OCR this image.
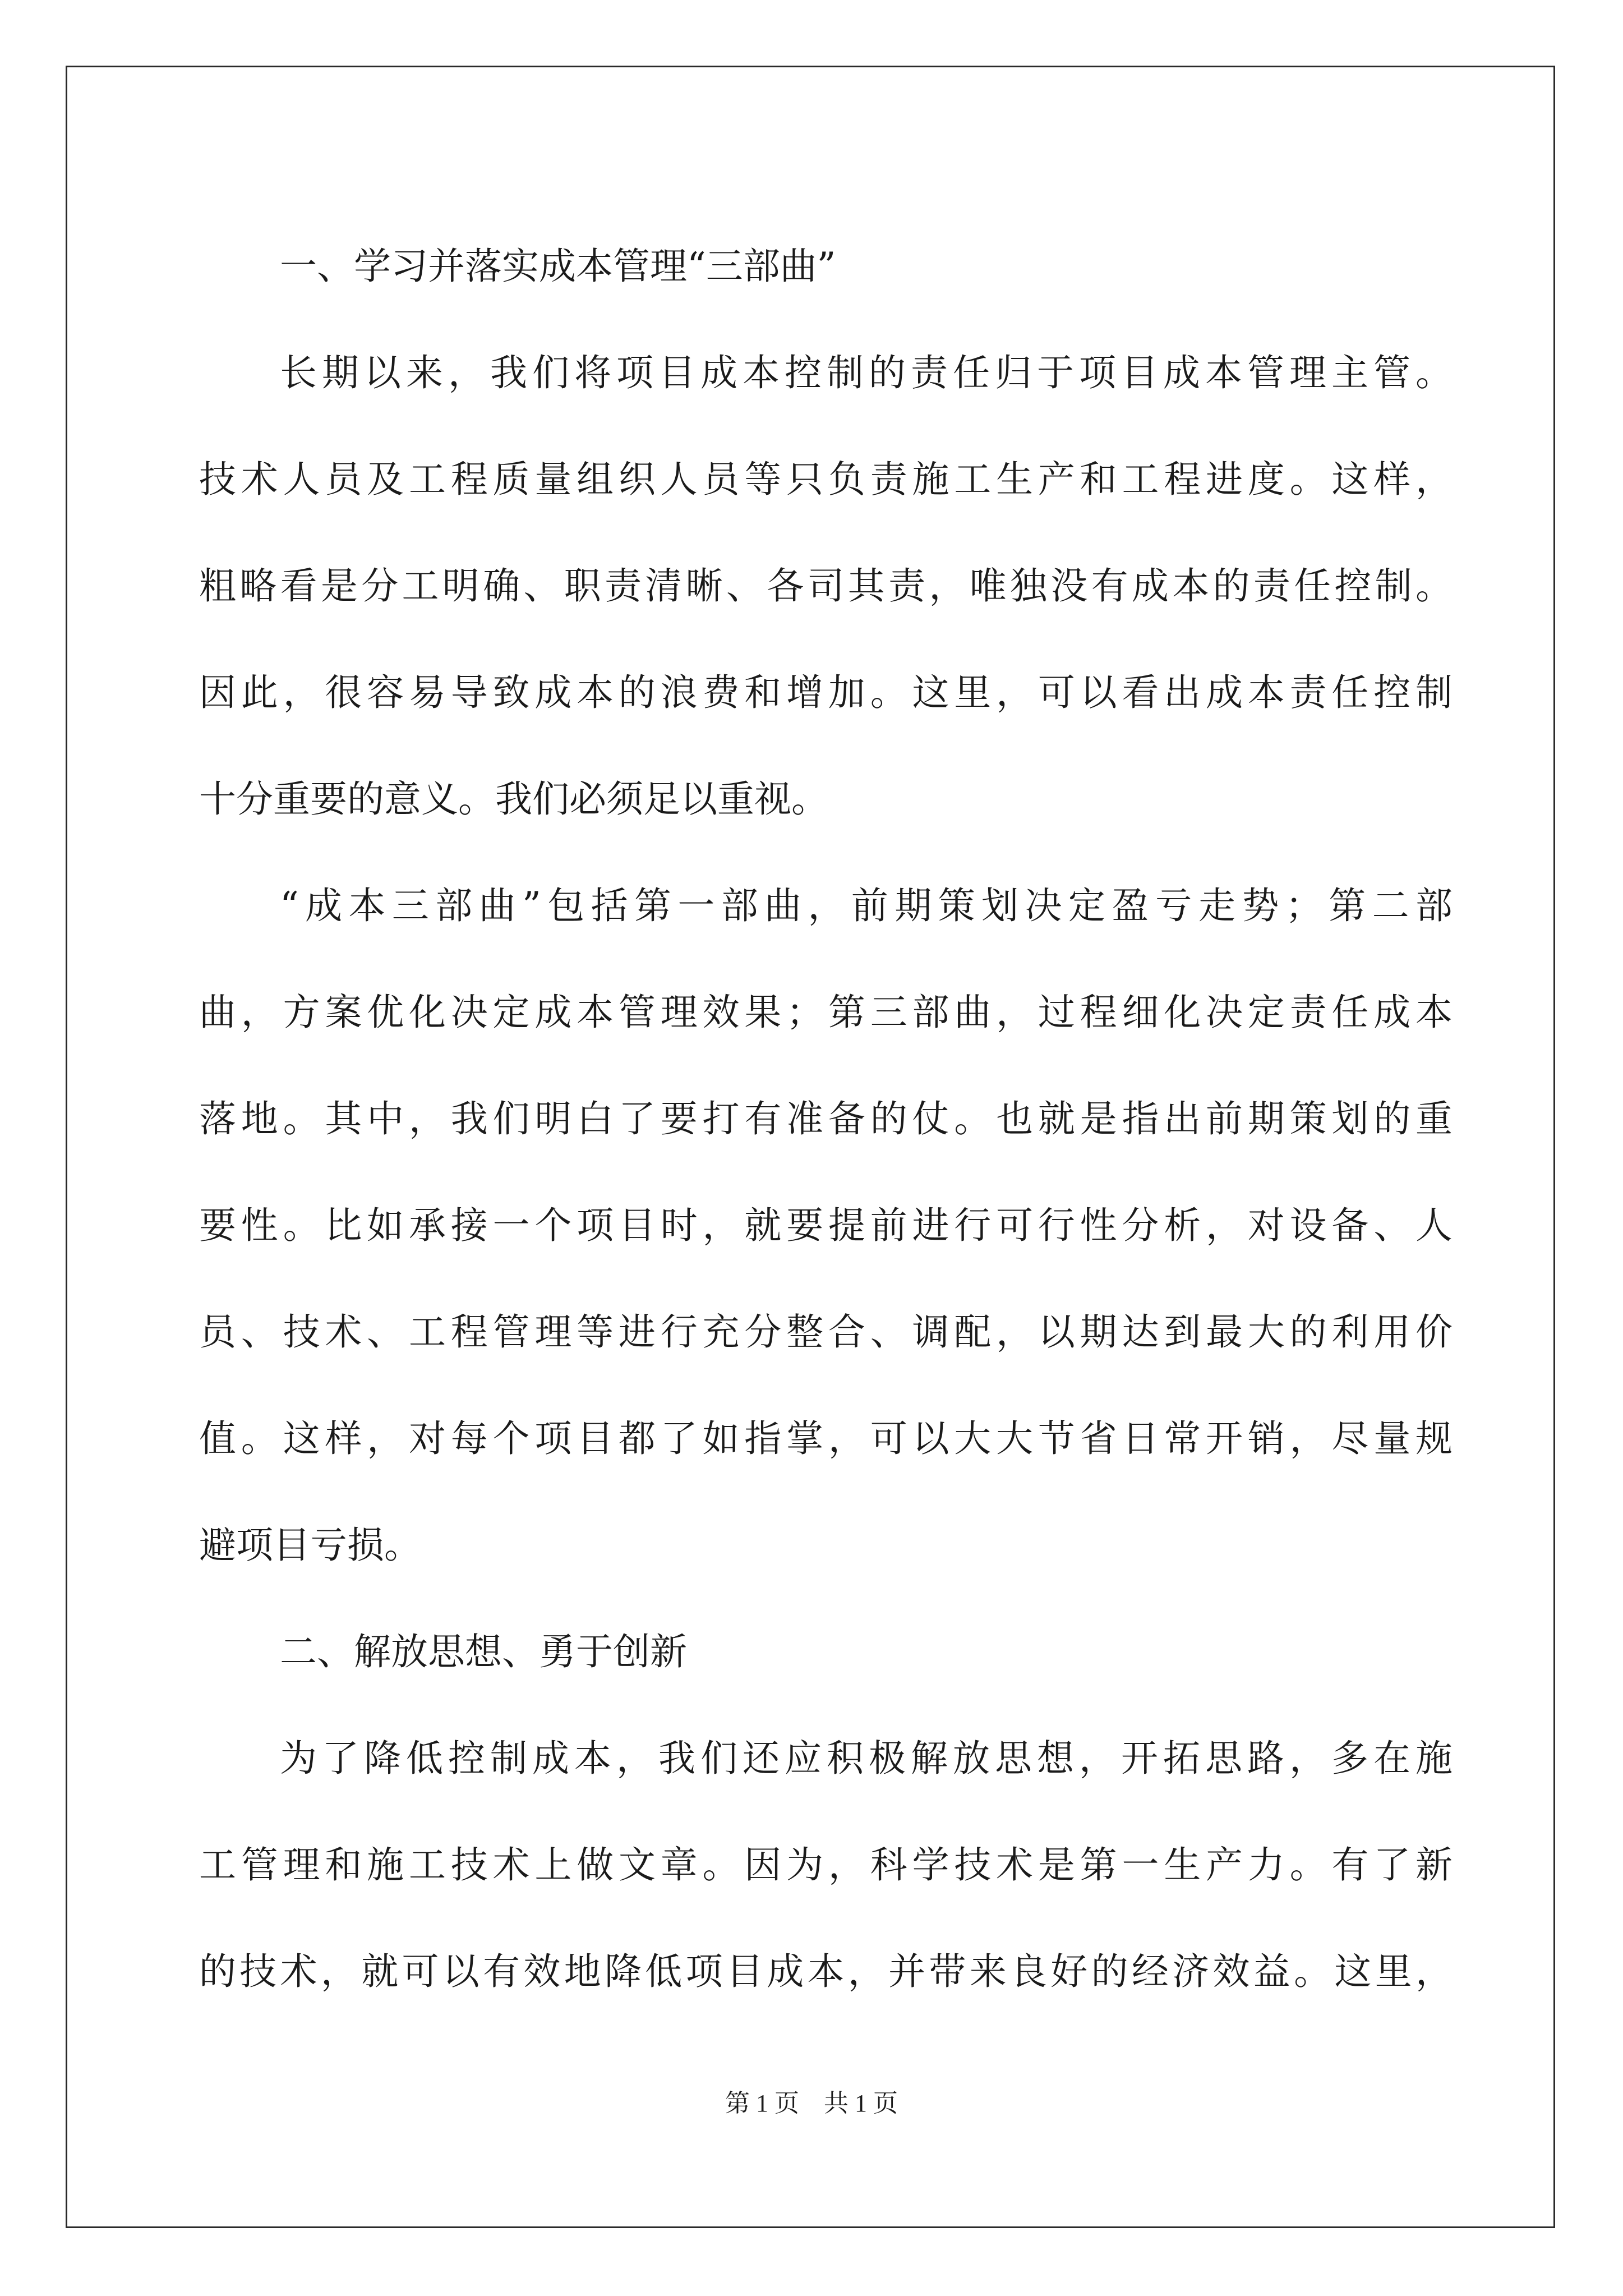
一、学习并落实成本管理“三部曲”
长期以来，我们将项目成本控制的责任归于项目成本管理主管。
技术人员及工程质量组织人员等只负责施工生产和工程进度。这样，
粗略看是分工明确、职责清晰、各司其责，唯独没有成本的责任控制。
因此，很容易导致成本的浪费和增加。这里，可以看出成本责任控制
十分重要的意义。我们必须足以重视。
“成本三部曲”包括第一部曲，前期策划决定盈亏走势；第二部
曲，方案优化决定成本管理效果；第三部曲，过程细化决定责任成本
落地。其中，我们明白了要打有准备的仗。也就是指出前期策划的重
要性。比如承接一个项目时，就要提前进行可行性分析，对设备、人
员、技术、工程管理等进行充分整合、调配，以期达到最大的利用价
值。这样，对每个项目都了如指掌，可以大大节省日常开销，尽量规
避项目亏损。
二、解放思想、勇于创新
为了降低控制成本，我们还应积极解放思想，开拓思路，多在施
工管理和施工技术上做文章。因为，科学技术是第一生产力。有了新
的技术，就可以有效地降低项目成本，并带来良好的经济效益。这里，
第 1 页　共 1 页
